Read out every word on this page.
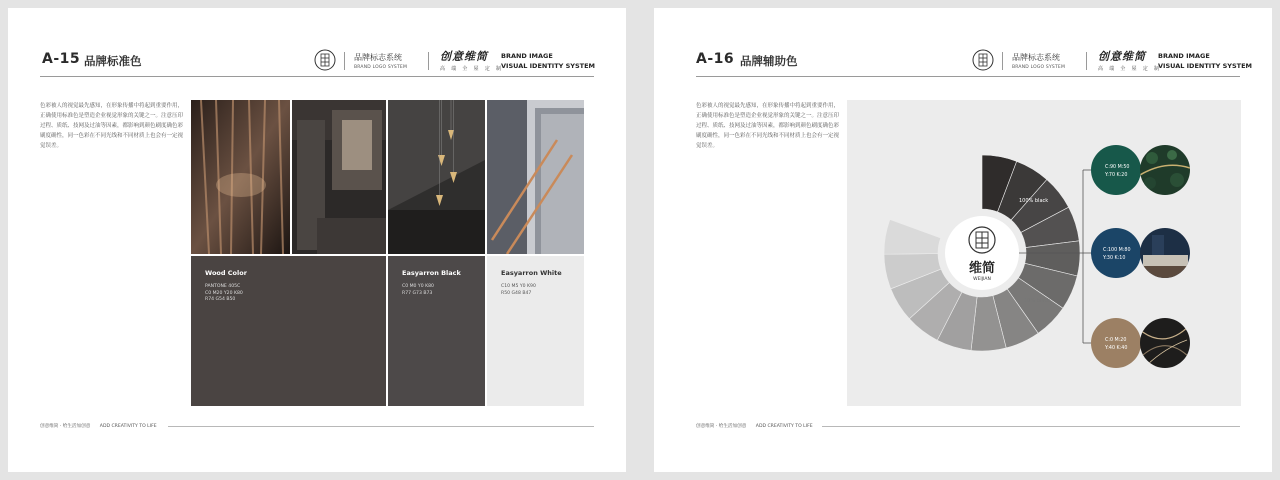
A-15 品牌标准色	品牌标志系统
BRAND LOGO SYSTEM
创意维简
高 端 全 屋 定 制
BRAND IMAGE
VISUAL IDENTITY SYSTEM
色彩被人的视觉最先感知，在形象传播中将起到重要作用，正确使用标准色是塑造企业视觉形象的关键之一。注意压印过程、质纸、技网及过油等因素，都影响到颜色刷度确色彩刷度确性，同一色彩在不同光线和不同材质上也会有一定视觉误差。
Wood Color
PANTONE 405C
C0 M20 Y20 K80
R74 G54 B50
Easyarron Black
C0 M0 Y0 K80
R77 G73 B73
Easyarron White
C10 M5 Y0 K90
R50 G48 B47
创意维简 · 给生活加创意 ADD CREATIVITY TO LIFE
A-16 品牌辅助色	品牌标志系统
BRAND LOGO SYSTEM
创意维简
高 端 全 屋 定 制
BRAND IMAGE
VISUAL IDENTITY SYSTEM
色彩被人的视觉最先感知，在形象传播中将起到重要作用，正确使用标准色是塑造企业视觉形象的关键之一。注意压印过程、质纸、技网及过油等因素，都影响到颜色刷度确色彩刷度确性，同一色彩在不同光线和不同材质上也会有一定视觉误差。
维简
WEIJIAN
100% black
10% black
C:90 M:50
Y:70 K:20
C:100 M:80
Y:30 K:10
C:0 M:20
Y:40 K:40
创意维简 · 给生活加创意 ADD CREATIVITY TO LIFE
